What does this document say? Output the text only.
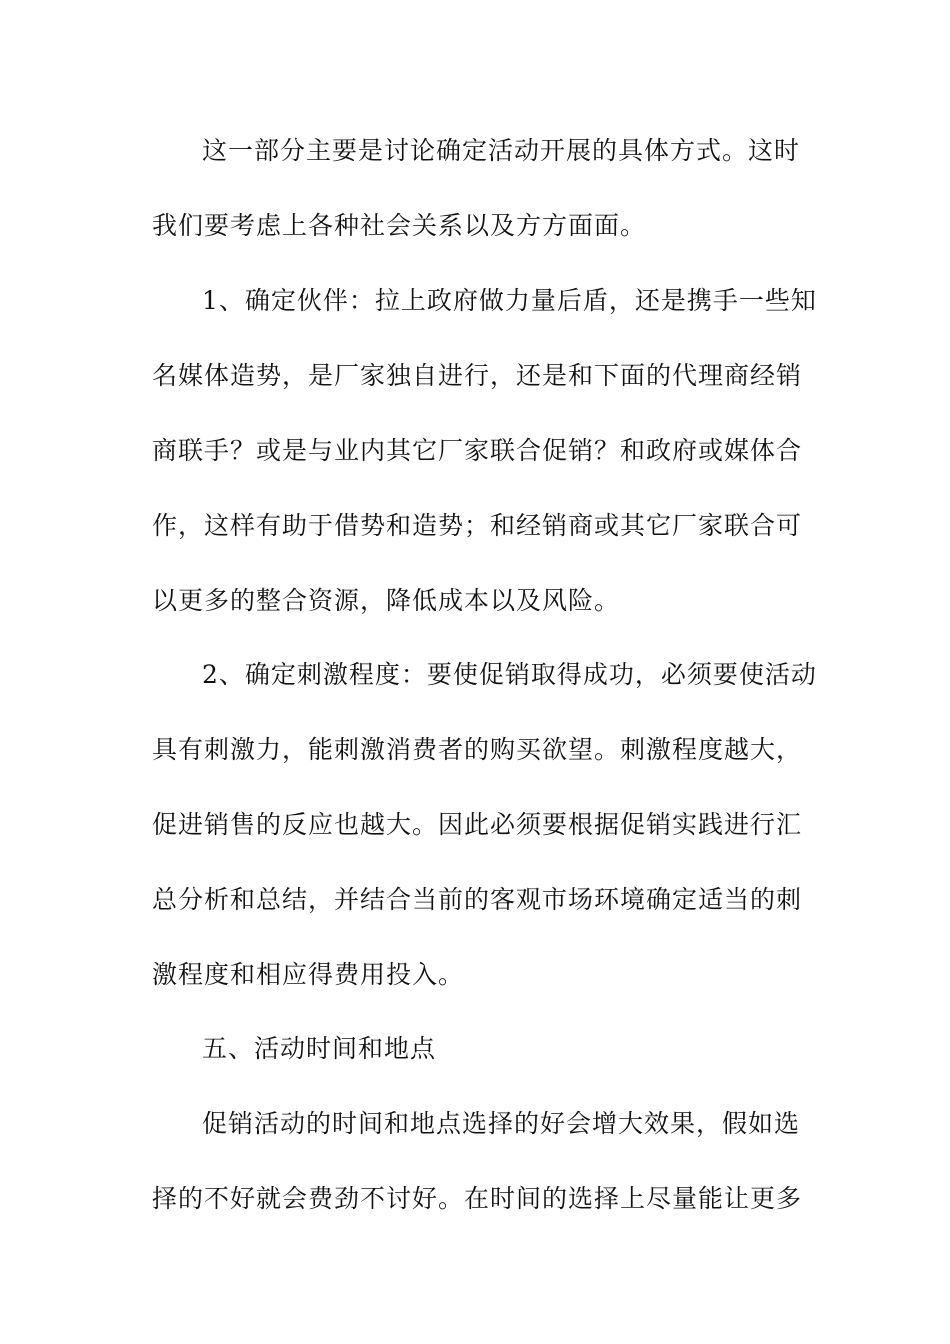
这一部分主要是讨论确定活动开展的具体方式。这时
我们要考虑上各种社会关系以及方方面面。
1、确定伙伴：拉上政府做力量后盾，还是携手一些知
名媒体造势，是厂家独自进行，还是和下面的代理商经销
商联手？或是与业内其它厂家联合促销？和政府或媒体合
作，这样有助于借势和造势；和经销商或其它厂家联合可
以更多的整合资源，降低成本以及风险。
2、确定刺激程度：要使促销取得成功，必须要使活动
具有刺激力，能刺激消费者的购买欲望。刺激程度越大，
促进销售的反应也越大。因此必须要根据促销实践进行汇
总分析和总结，并结合当前的客观市场环境确定适当的刺
激程度和相应得费用投入。
五、活动时间和地点
促销活动的时间和地点选择的好会增大效果，假如选
择的不好就会费劲不讨好。在时间的选择上尽量能让更多
